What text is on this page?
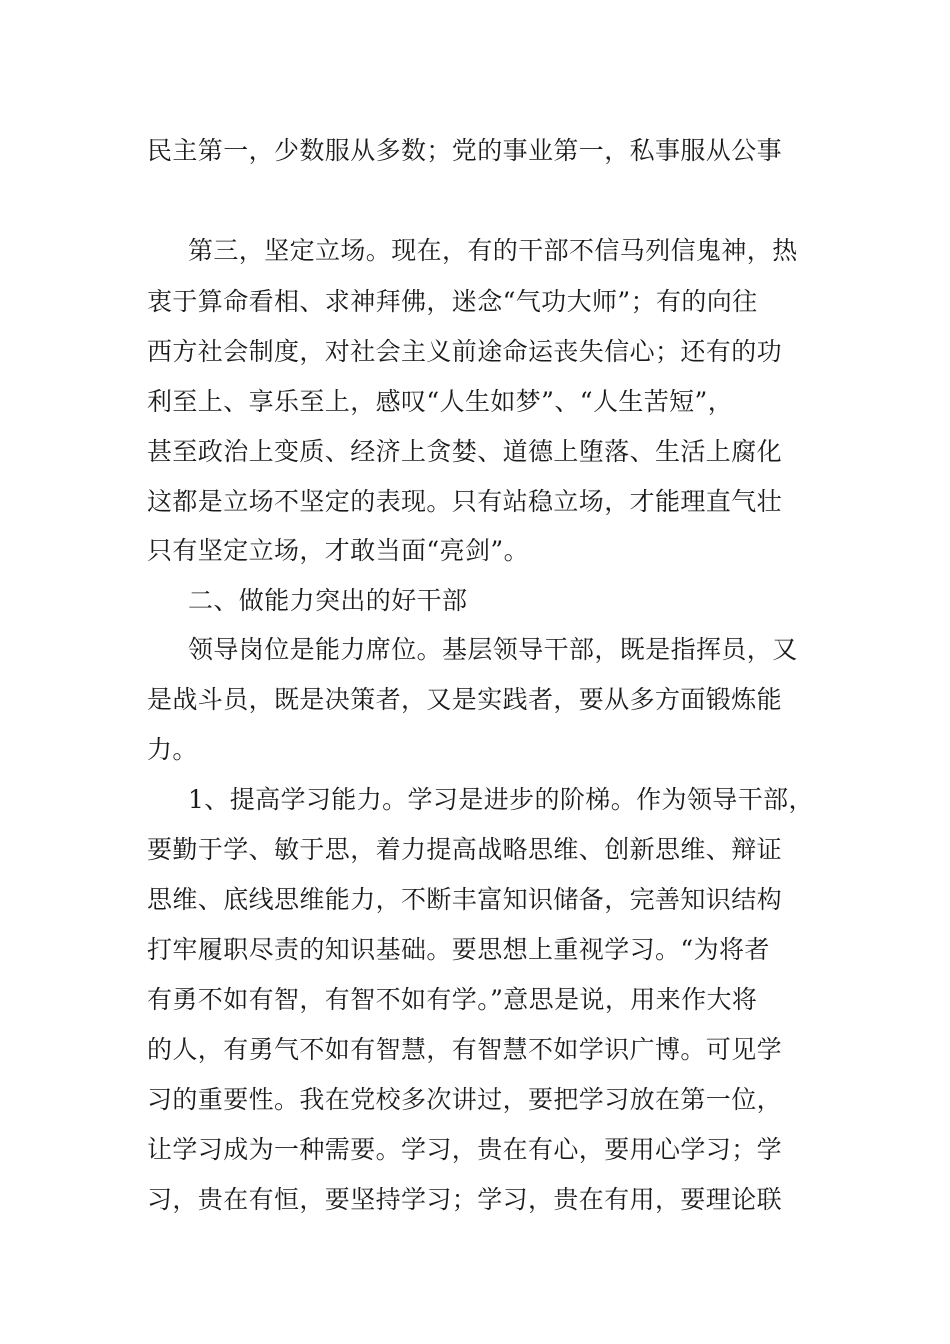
民主第一，少数服从多数；党的事业第一，私事服从公事
第三，坚定立场。现在，有的干部不信马列信鬼神，热
衷于算命看相、求神拜佛，迷念“气功大师”；有的向往
西方社会制度，对社会主义前途命运丧失信心；还有的功
利至上、享乐至上，感叹“人生如梦”、“人生苦短”，
甚至政治上变质、经济上贪婪、道德上堕落、生活上腐化
这都是立场不坚定的表现。只有站稳立场，才能理直气壮
只有坚定立场，才敢当面“亮剑”。
二、做能力突出的好干部
领导岗位是能力席位。基层领导干部，既是指挥员，又
是战斗员，既是决策者，又是实践者，要从多方面锻炼能
力。
1、提高学习能力。学习是进步的阶梯。作为领导干部，
要勤于学、敏于思，着力提高战略思维、创新思维、辩证
思维、底线思维能力，不断丰富知识储备，完善知识结构
打牢履职尽责的知识基础。要思想上重视学习。“为将者
有勇不如有智，有智不如有学。”意思是说，用来作大将
的人，有勇气不如有智慧，有智慧不如学识广博。可见学
习的重要性。我在党校多次讲过，要把学习放在第一位，
让学习成为一种需要。学习，贵在有心，要用心学习；学
习，贵在有恒，要坚持学习；学习，贵在有用，要理论联
